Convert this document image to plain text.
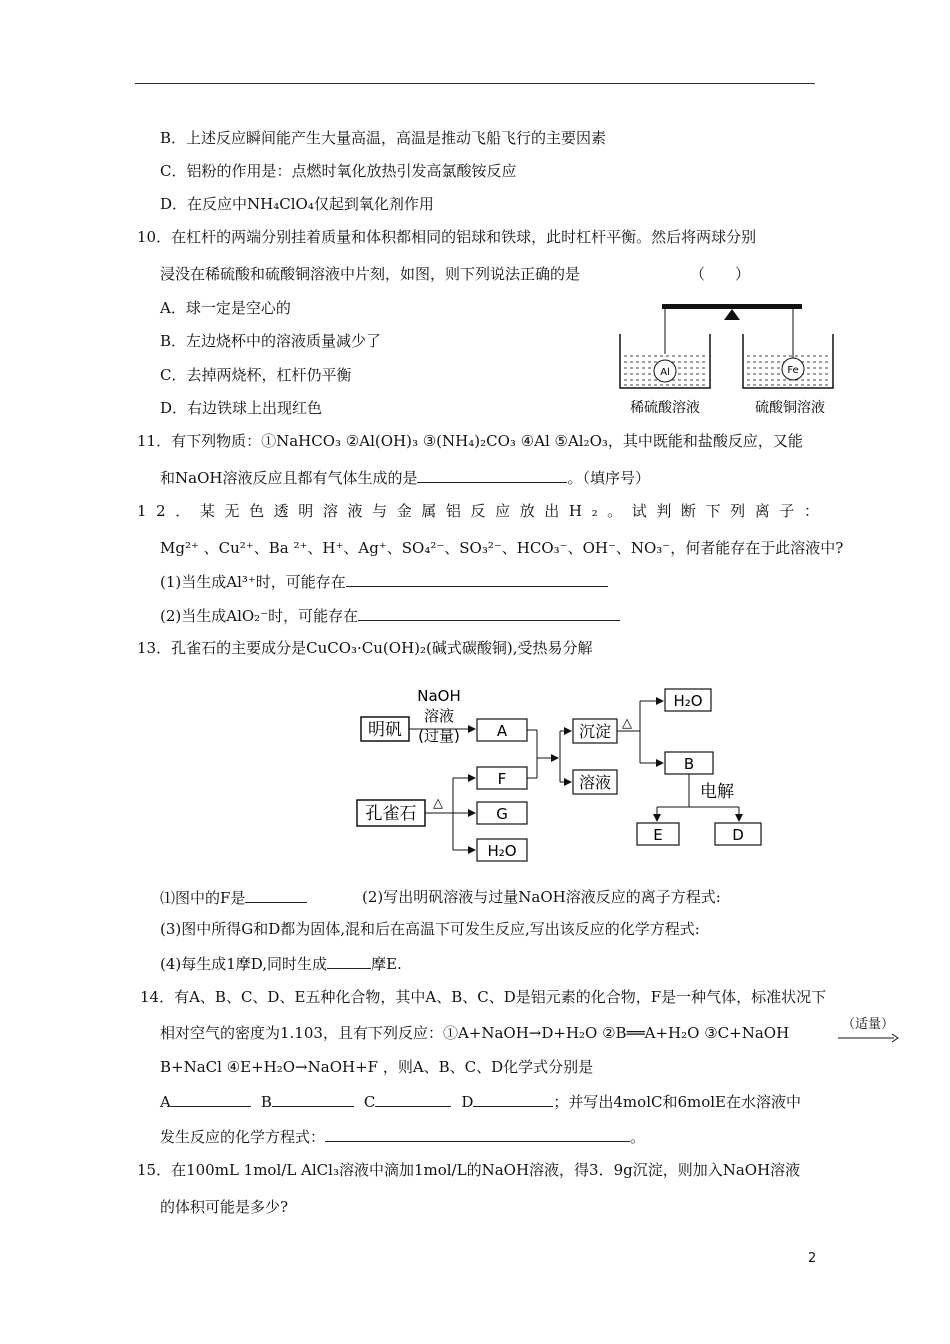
B．上述反应瞬间能产生大量高温，高温是推动飞船飞行的主要因素
C．铝粉的作用是：点燃时氧化放热引发高氯酸铵反应
D．在反应中NH₄ClO₄仅起到氧化剂作用
10．在杠杆的两端分别挂着质量和体积都相同的铝球和铁球，此时杠杆平衡。然后将两球分别
浸没在稀硫酸和硫酸铜溶液中片刻，如图，则下列说法正确的是	（　　）
A．球一定是空心的
B．左边烧杯中的溶液质量减少了
C．去掉两烧杯，杠杆仍平衡
D．右边铁球上出现红色
Al	Fe
稀硫酸溶液	硫酸铜溶液
11．有下列物质：①NaHCO₃ ②Al(OH)₃ ③(NH₄)₂CO₃ ④Al ⑤Al₂O₃，其中既能和盐酸反应，又能
和NaOH溶液反应且都有气体生成的是	。（填序号）
12．某无色透明溶液与金属铝反应放出H₂。试判断下列离子：
Mg²⁺ 、Cu²⁺、Ba ²⁺、H⁺、Ag⁺、SO₄²⁻、SO₃²⁻、HCO₃⁻、OH⁻、NO₃⁻，何者能存在于此溶液中?
(1)当生成Al³⁺时，可能存在
(2)当生成AlO₂⁻时，可能存在
13．孔雀石的主要成分是CuCO₃·Cu(OH)₂(碱式碳酸铜),受热易分解
明矾
NaOH
溶液
(过量) A	沉淀
溶液
△
H₂O
B
电解
E	D
孔雀石
△
F
G
H₂O
⑴图中的F是	(2)写出明矾溶液与过量NaOH溶液反应的离子方程式:
(3)图中所得G和D都为固体,混和后在高温下可发生反应,写出该反应的化学方程式:
(4)每生成1摩D,同时生成	摩E.
14．有A、B、C、D、E五种化合物，其中A、B、C、D是铝元素的化合物，F是一种气体，标准状况下
相对空气的密度为1.103，且有下列反应：①A+NaOH→D+H₂O ②B══A+H₂O ③C+NaOH	（适量）
B+NaCl ④E+H₂O→NaOH+F ，则A、B、C、D化学式分别是
A	B	C	D	；并写出4molC和6molE在水溶液中
发生反应的化学方程式：	。
15．在100mL 1mol/L AlCl₃溶液中滴加1mol/L的NaOH溶液，得3．9g沉淀，则加入NaOH溶液
的体积可能是多少?
2
